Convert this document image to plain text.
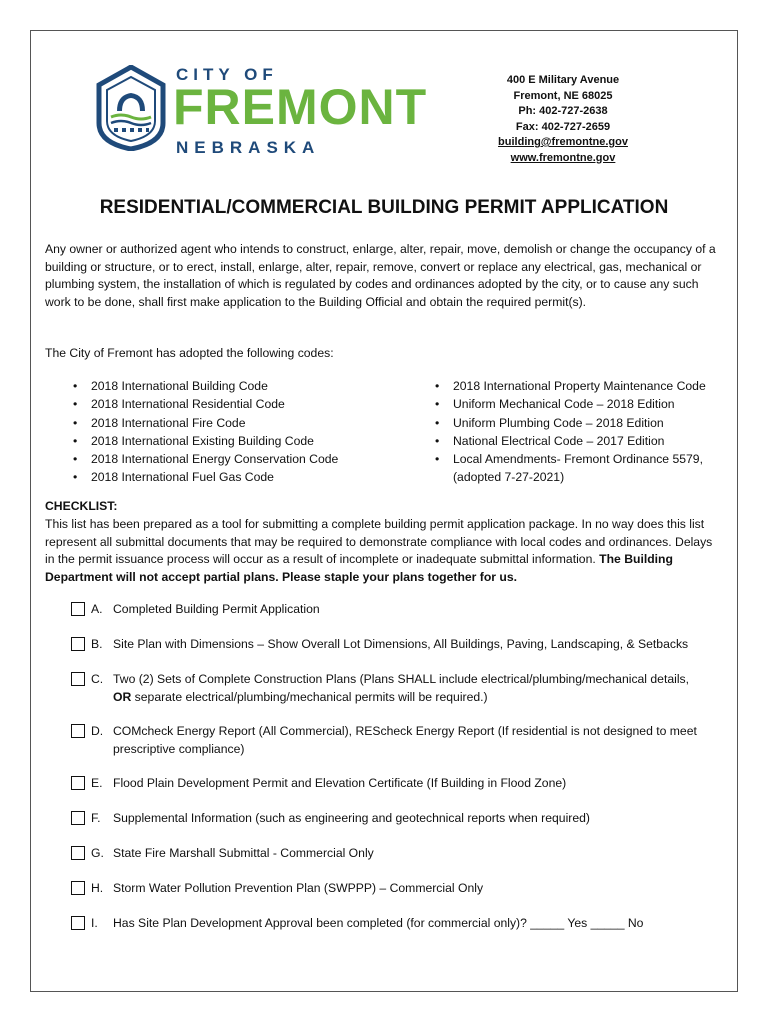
CITY OF
FREMONT
NEBRASKA
400 E Military Avenue
Fremont, NE 68025
Ph: 402-727-2638
Fax: 402-727-2659
building@fremontne.gov
www.fremontne.gov
RESIDENTIAL/COMMERCIAL BUILDING PERMIT APPLICATION
Any owner or authorized agent who intends to construct, enlarge, alter, repair, move, demolish or change the occupancy of a building or structure, or to erect, install, enlarge, alter, repair, remove, convert or replace any electrical, gas, mechanical or plumbing system, the installation of which is regulated by codes and ordinances adopted by the city, or to cause any such work to be done, shall first make application to the Building Official and obtain the required permit(s).
The City of Fremont has adopted the following codes:
• 2018 International Building Code
• 2018 International Residential Code
• 2018 International Fire Code
• 2018 International Existing Building Code
• 2018 International Energy Conservation Code
• 2018 International Fuel Gas Code
• 2018 International Property Maintenance Code
• Uniform Mechanical Code – 2018 Edition
• Uniform Plumbing Code – 2018 Edition
• National Electrical Code – 2017 Edition
• Local Amendments- Fremont Ordinance 5579, (adopted 7-27-2021)
CHECKLIST:
This list has been prepared as a tool for submitting a complete building permit application package. In no way does this list represent all submittal documents that may be required to demonstrate compliance with local codes and ordinances. Delays in the permit issuance process will occur as a result of incomplete or inadequate submittal information. The Building Department will not accept partial plans. Please staple your plans together for us.
A. Completed Building Permit Application
B. Site Plan with Dimensions – Show Overall Lot Dimensions, All Buildings, Paving, Landscaping, & Setbacks
C. Two (2) Sets of Complete Construction Plans (Plans SHALL include electrical/plumbing/mechanical details,
OR separate electrical/plumbing/mechanical permits will be required.)
D. COMcheck Energy Report (All Commercial), REScheck Energy Report (If residential is not designed to meet prescriptive compliance)
E. Flood Plain Development Permit and Elevation Certificate (If Building in Flood Zone)
F. Supplemental Information (such as engineering and geotechnical reports when required)
G. State Fire Marshall Submittal - Commercial Only
H. Storm Water Pollution Prevention Plan (SWPPP) – Commercial Only
I. Has Site Plan Development Approval been completed (for commercial only)? _____ Yes _____ No
